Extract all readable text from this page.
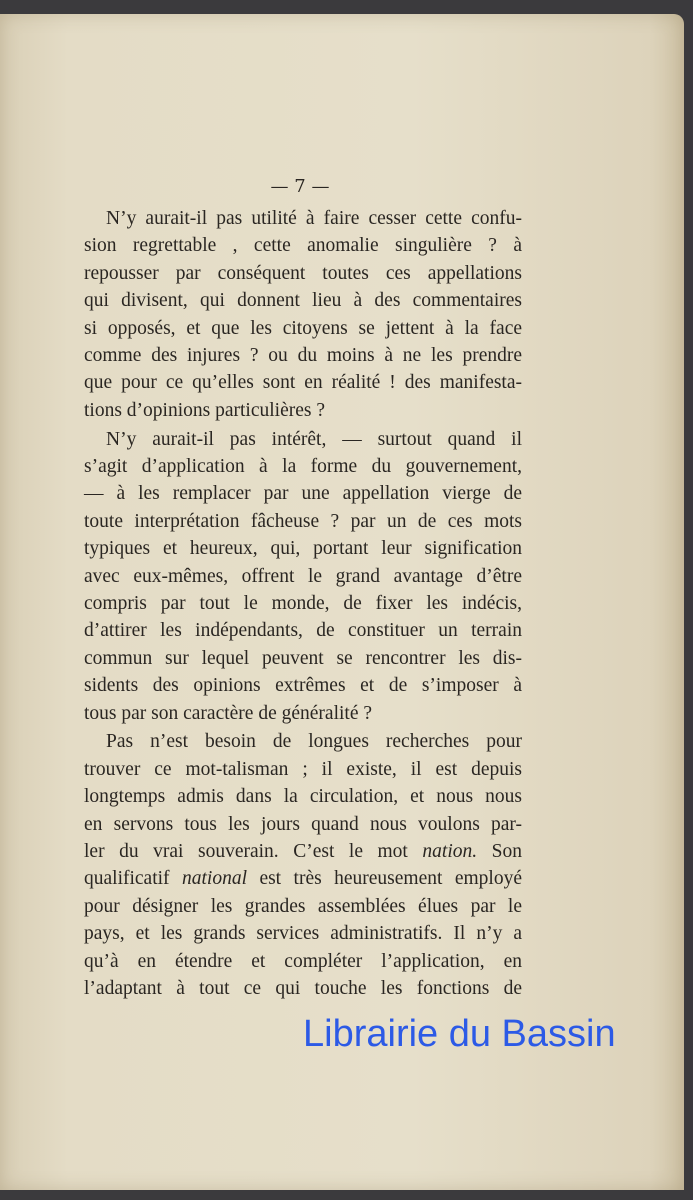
— 7 —
N’y aurait-il pas utilité à faire cesser cette confu-
sion regrettable , cette anomalie singulière ? à
repousser par conséquent toutes ces appellations
qui divisent, qui donnent lieu à des commentaires
si opposés, et que les citoyens se jettent à la face
comme des injures ? ou du moins à ne les prendre
que pour ce qu’elles sont en réalité ! des manifesta-
tions d’opinions particulières ?
N’y aurait-il pas intérêt, — surtout quand il
s’agit d’application à la forme du gouvernement,
— à les remplacer par une appellation vierge de
toute interprétation fâcheuse ? par un de ces mots
typiques et heureux, qui, portant leur signification
avec eux-mêmes, offrent le grand avantage d’être
compris par tout le monde, de fixer les indécis,
d’attirer les indépendants, de constituer un terrain
commun sur lequel peuvent se rencontrer les dis-
sidents des opinions extrêmes et de s’imposer à
tous par son caractère de généralité ?
Pas n’est besoin de longues recherches pour
trouver ce mot-talisman ; il existe, il est depuis
longtemps admis dans la circulation, et nous nous
en servons tous les jours quand nous voulons par-
ler du vrai souverain. C’est le mot nation. Son
qualificatif national est très heureusement employé
pour désigner les grandes assemblées élues par le
pays, et les grands services administratifs. Il n’y a
qu’à en étendre et compléter l’application, en
l’adaptant à tout ce qui touche les fonctions de
Librairie du Bassin
